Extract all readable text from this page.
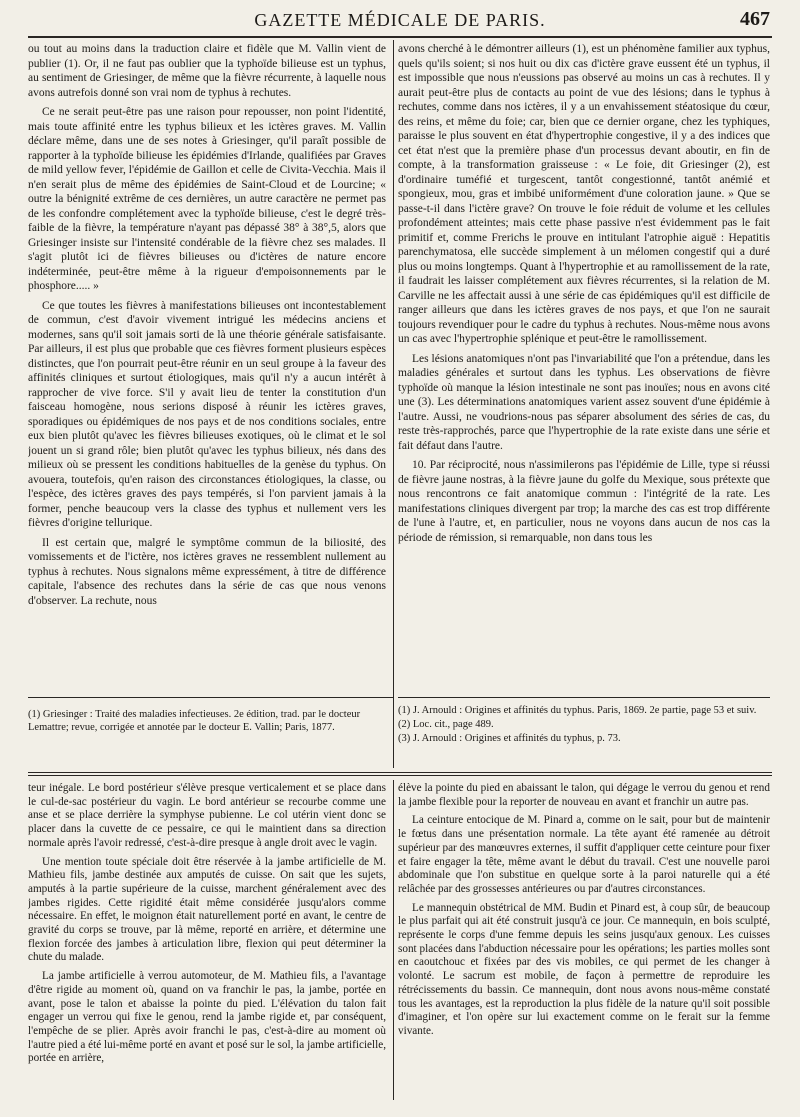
GAZETTE MÉDICALE DE PARIS.	467

ou tout au moins dans la traduction claire et fidèle que M. Vallin vient de publier (1). Or, il ne faut pas oublier que la typhoïde bilieuse est un typhus, au sentiment de Griesinger, de même que la fièvre récurrente, à laquelle nous avons autrefois donné son vrai nom de typhus à rechutes.

Ce ne serait peut-être pas une raison pour repousser, non point l'identité, mais toute affinité entre les typhus bilieux et les ictères graves. M. Vallin déclare même, dans une de ses notes à Griesinger, qu'il paraît possible de rapporter à la typhoïde bilieuse les épidémies d'Irlande, qualifiées par Graves de mild yellow fever, l'épidémie de Gaillon et celle de Civita-Vecchia. Mais il n'en serait plus de même des épidémies de Saint-Cloud et de Lourcine; « outre la bénignité extrême de ces dernières, un autre caractère ne permet pas de les confondre complétement avec la typhoïde bilieuse, c'est le degré très-faible de la fièvre, la température n'ayant pas dépassé 38° à 38°,5, alors que Griesinger insiste sur l'intensité condérable de la fièvre chez ses malades. Il s'agit plutôt ici de fièvres bilieuses ou d'ictères de nature encore indéterminée, peut-être même à la rigueur d'empoisonnements par le phosphore..... »

Ce que toutes les fièvres à manifestations bilieuses ont incontestablement de commun, c'est d'avoir vivement intrigué les médecins anciens et modernes, sans qu'il soit jamais sorti de là une théorie générale satisfaisante. Par ailleurs, il est plus que probable que ces fièvres forment plusieurs espèces distinctes, que l'on pourrait peut-être réunir en un seul groupe à la faveur des affinités cliniques et surtout étiologiques, mais qu'il n'y a aucun intérêt à rapprocher de vive force. S'il y avait lieu de tenter la constitution d'un faisceau homogène, nous serions disposé à réunir les ictères graves, sporadiques ou épidémiques de nos pays et de nos conditions sociales, entre eux bien plutôt qu'avec les fièvres bilieuses exotiques, où le climat et le sol jouent un si grand rôle; bien plutôt qu'avec les typhus bilieux, nés dans des milieux où se pressent les conditions habituelles de la genèse du typhus. On avouera, toutefois, qu'en raison des circonstances étiologiques, la classe, ou l'espèce, des ictères graves des pays tempérés, si l'on parvient jamais à la former, penche beaucoup vers la classe des typhus et nullement vers les fièvres d'origine tellurique.

Il est certain que, malgré le symptôme commun de la biliosité, des vomissements et de l'ictère, nos ictères graves ne ressemblent nullement au typhus à rechutes. Nous signalons même expressément, à titre de différence capitale, l'absence des rechutes dans la série de cas que nous venons d'observer. La rechute, nous

avons cherché à le démontrer ailleurs (1), est un phénomène familier aux typhus, quels qu'ils soient; si nos huit ou dix cas d'ictère grave eussent été un typhus, il est impossible que nous n'eussions pas observé au moins un cas à rechutes. Il y aurait peut-être plus de contacts au point de vue des lésions; dans le typhus à rechutes, comme dans nos ictères, il y a un envahissement stéatosique du cœur, des reins, et même du foie; car, bien que ce dernier organe, chez les typhiques, paraisse le plus souvent en état d'hypertrophie congestive, il y a des indices que cet état n'est que la première phase d'un processus devant aboutir, en fin de compte, à la transformation graisseuse : « Le foie, dit Griesinger (2), est d'ordinaire tuméfié et turgescent, tantôt congestionné, tantôt anémié et spongieux, mou, gras et imbibé uniformément d'une coloration jaune. » Que se passe-t-il dans l'ictère grave? On trouve le foie réduit de volume et les cellules profondément atteintes; mais cette phase passive n'est évidemment pas le fait primitif et, comme Frerichs le prouve en intitulant l'atrophie aiguë : Hepatitis parenchymatosa, elle succède simplement à un mélomen congestif qui a duré plus ou moins longtemps. Quant à l'hypertrophie et au ramollissement de la rate, il faudrait les laisser complétement aux fièvres récurrentes, si la relation de M. Carville ne les affectait aussi à une série de cas épidémiques qu'il est difficile de ranger ailleurs que dans les ictères graves de nos pays, et que l'on ne saurait toujours revendiquer pour le cadre du typhus à rechutes. Nous-même nous avons un cas avec l'hypertrophie splénique et peut-être le ramollissement.

Les lésions anatomiques n'ont pas l'invariabilité que l'on a prétendue, dans les maladies générales et surtout dans les typhus. Les observations de fièvre typhoïde où manque la lésion intestinale ne sont pas inouïes; nous en avons cité une (3). Les déterminations anatomiques varient assez souvent d'une épidémie à l'autre. Aussi, ne voudrions-nous pas séparer absolument des séries de cas, du reste très-rapprochés, parce que l'hypertrophie de la rate existe dans une série et fait défaut dans l'autre.

10. Par réciprocité, nous n'assimilerons pas l'épidémie de Lille, type si réussi de fièvre jaune nostras, à la fièvre jaune du golfe du Mexique, sous prétexte que nous rencontrons ce fait anatomique commun : l'intégrité de la rate. Les manifestations cliniques divergent par trop; la marche des cas est trop différente de l'une à l'autre, et, en particulier, nous ne voyons dans aucun de nos cas la période de rémission, si remarquable, non dans tous les

(1) Griesinger : Traité des maladies infectieuses. 2e édition, trad. par le docteur Lemattre; revue, corrigée et annotée par le docteur E. Vallin; Paris, 1877.
(1) J. Arnould : Origines et affinités du typhus. Paris, 1869. 2e partie, page 53 et suiv.
(2) Loc. cit., page 489.
(3) J. Arnould : Origines et affinités du typhus, p. 73.

teur inégale. Le bord postérieur s'élève presque verticalement et se place dans le cul-de-sac postérieur du vagin. Le bord antérieur se recourbe comme une anse et se place derrière la symphyse pubienne. Le col utérin vient donc se placer dans la cuvette de ce pessaire, ce qui le maintient dans sa direction normale après l'avoir redressé, c'est-à-dire presque à angle droit avec le vagin.

Une mention toute spéciale doit être réservée à la jambe artificielle de M. Mathieu fils, jambe destinée aux amputés de cuisse. On sait que les sujets, amputés à la partie supérieure de la cuisse, marchent généralement avec des jambes rigides. Cette rigidité était même considérée jusqu'alors comme nécessaire. En effet, le moignon était naturellement porté en avant, le centre de gravité du corps se trouve, par là même, reporté en arrière, et détermine une flexion forcée des jambes à articulation libre, flexion qui peut déterminer la chute du malade.

La jambe artificielle à verrou automoteur, de M. Mathieu fils, a l'avantage d'être rigide au moment où, quand on va franchir le pas, la jambe, portée en avant, pose le talon et abaisse la pointe du pied. L'élévation du talon fait engager un verrou qui fixe le genou, rend la jambe rigide et, par conséquent, l'empêche de se plier. Après avoir franchi le pas, c'est-à-dire au moment où l'autre pied a été lui-même porté en avant et posé sur le sol, la jambe artificielle, portée en arrière,

élève la pointe du pied en abaissant le talon, qui dégage le verrou du genou et rend la jambe flexible pour la reporter de nouveau en avant et franchir un autre pas.

La ceinture entocique de M. Pinard a, comme on le sait, pour but de maintenir le fœtus dans une présentation normale. La tête ayant été ramenée au détroit supérieur par des manœuvres externes, il suffit d'appliquer cette ceinture pour fixer et faire engager la tête, même avant le début du travail. C'est une nouvelle paroi abdominale que l'on substitue en quelque sorte à la paroi naturelle qui a été relâchée par des grossesses antérieures ou par d'autres circonstances.

Le mannequin obstétrical de MM. Budin et Pinard est, à coup sûr, de beaucoup le plus parfait qui ait été construit jusqu'à ce jour. Ce mannequin, en bois sculpté, représente le corps d'une femme depuis les seins jusqu'aux genoux. Les cuisses sont placées dans l'abduction nécessaire pour les opérations; les parties molles sont en caoutchouc et fixées par des vis mobiles, ce qui permet de les changer à volonté. Le sacrum est mobile, de façon à permettre de reproduire les rétrécissements du bassin. Ce mannequin, dont nous avons nous-même constaté tous les avantages, est la reproduction la plus fidèle de la nature qu'il soit possible d'imaginer, et l'on opère sur lui exactement comme on le ferait sur la femme vivante.
